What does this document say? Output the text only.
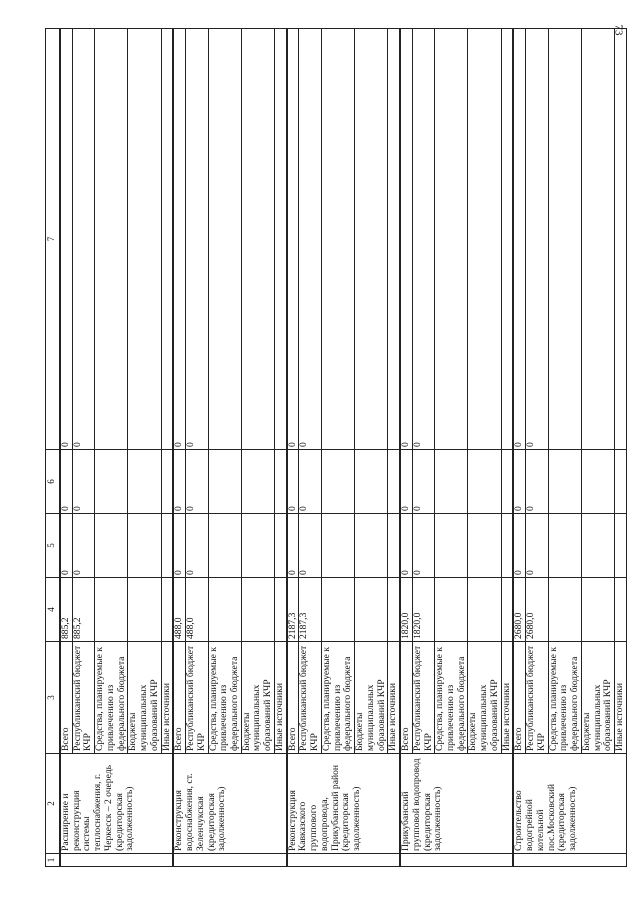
73
1	2	3	4	5	6	7
	Расширение и реконструкция системы теплоснабжения, г. Черкесск – 2 очередь (кредиторская задолженность)	Всего	885,2	0	0	0
		Республиканский бюджет КЧР	885,2	0	0	0
		Средства, планируемые к привлечению из федерального бюджета				
		Бюджеты муниципальных образований КЧР				
		Иные источники				
	Реконструкция водоснабжения, ст. Зеленчукская (кредиторская задолженность)	Всего	488,0	0	0	0
		Республиканский бюджет КЧР	488,0	0	0	0
		Средства, планируемые к привлечению из федерального бюджета				
		Бюджеты муниципальных образований КЧР				
		Иные источники				
	Реконструкция Кавказского группового водопровода, Прикубанский район (кредиторская задолженность)	Всего	2187,3	0	0	0
		Республиканский бюджет КЧР	2187,3	0	0	0
		Средства, планируемые к привлечению из федерального бюджета				
		Бюджеты муниципальных образований КЧР				
		Иные источники				
	Прикубанский групповой водопровод (кредиторская задолженность)	Всего	1820,0	0	0	0
		Республиканский бюджет КЧР	1820,0	0	0	0
		Средства, планируемые к привлечению из федерального бюджета				
		Бюджеты муниципальных образований КЧР				
		Иные источники				
	Строительство водогрейной котельной пос.Московский (кредиторская задолженность)	Всего	2680,0	0	0	0
		Республиканский бюджет КЧР	2680,0	0	0	0
		Средства, планируемые к привлечению из федерального бюджета				
		Бюджеты муниципальных образований КЧР				
		Иные источники				
